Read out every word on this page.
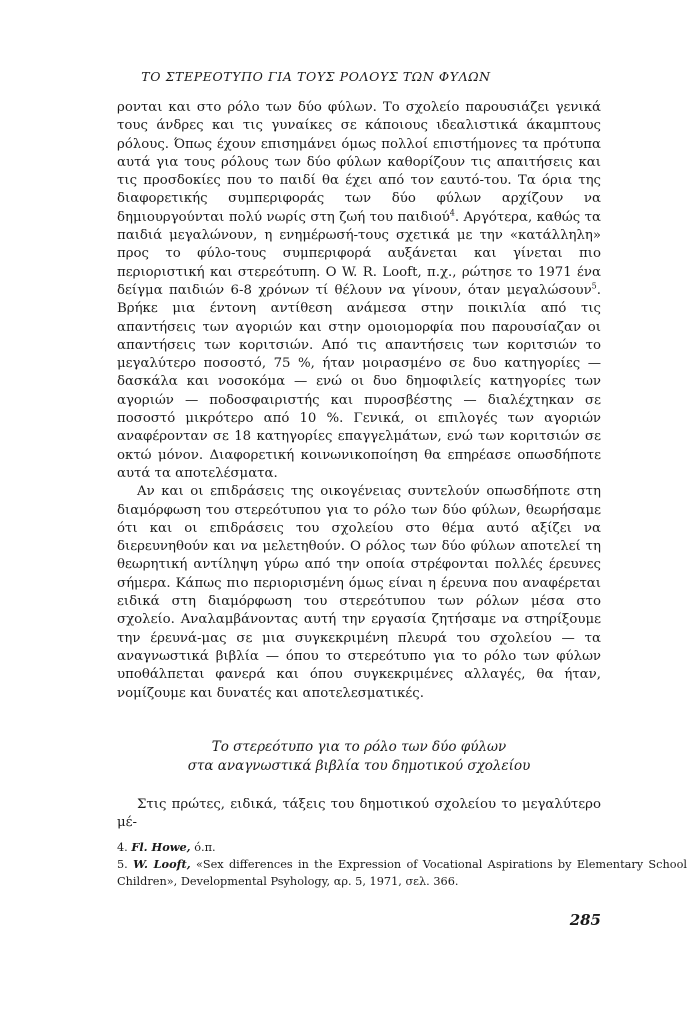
ΤΟ ΣΤΕΡΕΟΤΥΠΟ ΓΙΑ ΤΟΥΣ ΡΟΛΟΥΣ ΤΩΝ ΦΥΛΩΝ

ρονται και στο ρόλο των δύο φύλων. Το σχολείο παρουσιάζει γενικά τους άνδρες και τις γυναίκες σε κάποιους ιδεαλιστικά άκαμπτους ρόλους. Όπως έχουν επισημάνει όμως πολλοί επιστήμονες τα πρότυπα αυτά για τους ρόλους των δύο φύλων καθορίζουν τις απαιτήσεις και τις προσδοκίες που το παιδί θα έχει από τον εαυτό-του. Τα όρια της διαφορετικής συμπεριφοράς των δύο φύλων αρχίζουν να δημιουργούνται πολύ νωρίς στη ζωή του παιδιού$^4$. Αργότερα, καθώς τα παιδιά μεγαλώνουν, η ενημέρωσή-τους σχετικά με την «κατάλληλη» προς το φύλο-τους συμπεριφορά αυξάνεται και γίνεται πιο περιοριστική και στερεότυπη. Ο W. R. Looft, π.χ., ρώτησε το 1971 ένα δείγμα παιδιών 6-8 χρόνων τί θέλουν να γίνουν, όταν μεγαλώσουν$^5$. Βρήκε μια έντονη αντίθεση ανάμεσα στην ποικιλία από τις απαντήσεις των αγοριών και στην ομοιομορφία που παρουσίαζαν οι απαντήσεις των κοριτσιών. Από τις απαντήσεις των κοριτσιών το μεγαλύτερο ποσοστό, 75 %, ήταν μοιρασμένο σε δυο κατηγορίες — δασκάλα και νοσοκόμα — ενώ οι δυο δημοφιλείς κατηγορίες των αγοριών — ποδοσφαιριστής και πυροσβέστης — διαλέχτηκαν σε ποσοστό μικρότερο από 10 %. Γενικά, οι επιλογές των αγοριών αναφέρονταν σε 18 κατηγορίες επαγγελμάτων, ενώ των κοριτσιών σε οκτώ μόνον. Διαφορετική κοινωνικοποίηση θα επηρέασε οπωσδήποτε αυτά τα αποτελέσματα.

Αν και οι επιδράσεις της οικογένειας συντελούν οπωσδήποτε στη διαμόρφωση του στερεότυπου για το ρόλο των δύο φύλων, θεωρήσαμε ότι και οι επιδράσεις του σχολείου στο θέμα αυτό αξίζει να διερευνηθούν και να μελετηθούν. Ο ρόλος των δύο φύλων αποτελεί τη θεωρητική αντίληψη γύρω από την οποία στρέφονται πολλές έρευνες σήμερα. Κάπως πιο περιορισμένη όμως είναι η έρευνα που αναφέρεται ειδικά στη διαμόρφωση του στερεότυπου των ρόλων μέσα στο σχολείο. Αναλαμβάνοντας αυτή την εργασία ζητήσαμε να στηρίξουμε την έρευνά-μας σε μια συγκεκριμένη πλευρά του σχολείου — τα αναγνωστικά βιβλία — όπου το στερεότυπο για το ρόλο των φύλων υποθάλπεται φανερά και όπου συγκεκριμένες αλλαγές, θα ήταν, νομίζουμε και δυνατές και αποτελεσματικές.

Το στερεότυπο για το ρόλο των δύο φύλων
στα αναγνωστικά βιβλία του δημοτικού σχολείου
Στις πρώτες, ειδικά, τάξεις του δημοτικού σχολείου το μεγαλύτερο μέ-
4. Fl. Howe, ό.π.
5. W. Looft, «Sex differences in the Expression of Vocational Aspirations by Elementary School Children», Developmental Psyhology, αρ. 5, 1971, σελ. 366.
285
